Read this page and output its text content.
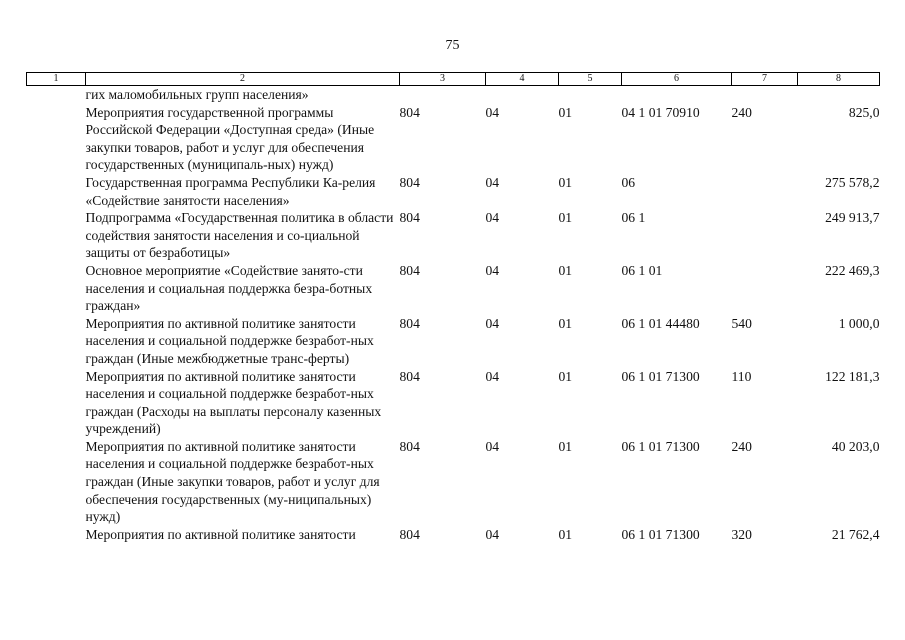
75
1	2	3	4	5	6	7	8
	гих маломобильных групп населения»						
	Мероприятия государственной программы Российской Федерации «Доступная среда» (Иные закупки товаров, работ и услуг для обеспечения государственных (муниципаль-ных) нужд)	804	04	01	04 1 01 70910	240	825,0
	Государственная программа Республики Ка-релия «Содействие занятости населения»	804	04	01	06		275 578,2
	Подпрограмма «Государственная политика в области содействия занятости населения и со-циальной защиты от безработицы»	804	04	01	06 1		249 913,7
	Основное мероприятие «Содействие занято-сти населения и социальная поддержка безра-ботных граждан»	804	04	01	06 1 01		222 469,3
	Мероприятия по активной политике занятости населения и социальной поддержке безработ-ных граждан (Иные межбюджетные транс-ферты)	804	04	01	06 1 01 44480	540	1 000,0
	Мероприятия по активной политике занятости населения и социальной поддержке безработ-ных граждан (Расходы на выплаты персоналу казенных учреждений)	804	04	01	06 1 01 71300	110	122 181,3
	Мероприятия по активной политике занятости населения и социальной поддержке безработ-ных граждан (Иные закупки товаров, работ и услуг для обеспечения государственных (му-ниципальных) нужд)	804	04	01	06 1 01 71300	240	40 203,0
	Мероприятия по активной политике занятости	804	04	01	06 1 01 71300	320	21 762,4
